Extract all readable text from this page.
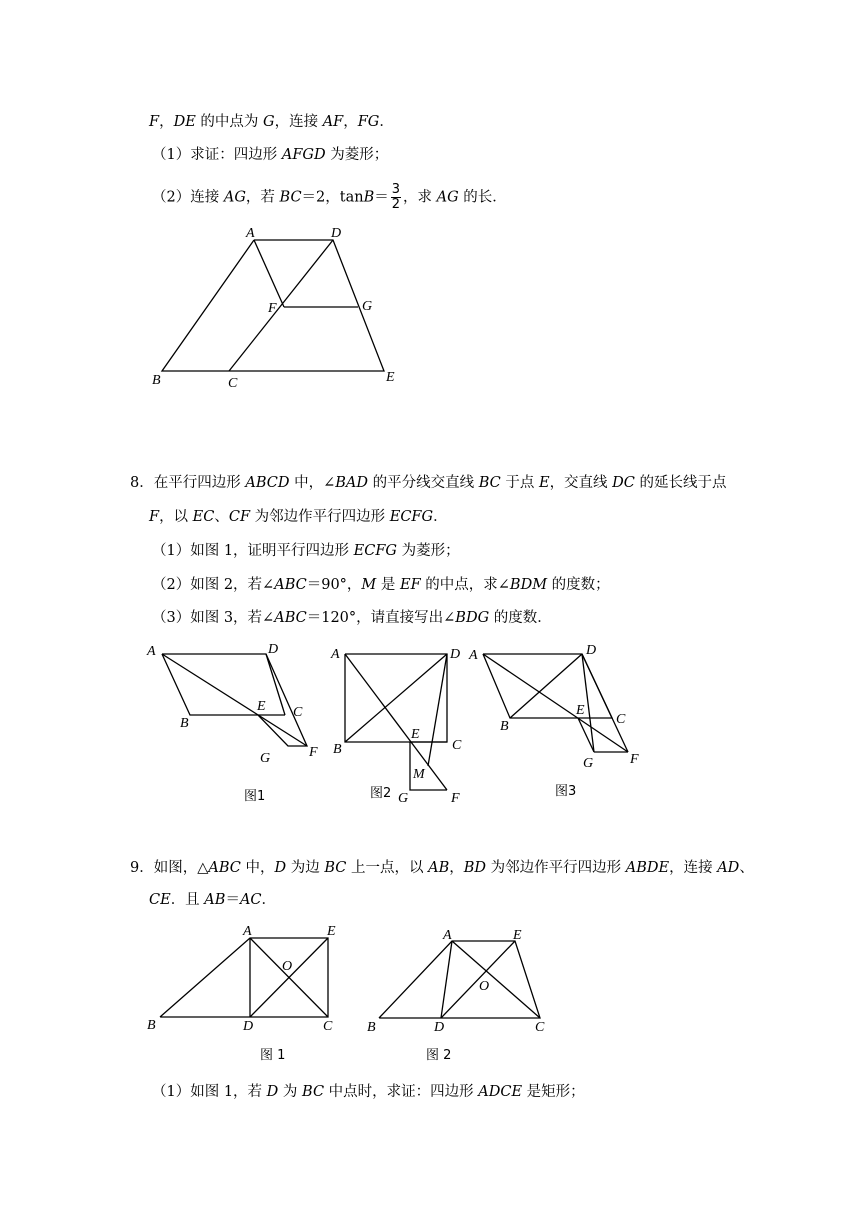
F，DE 的中点为 G，连接 AF，FG．
（1）求证：四边形 AFGD 为菱形；
（2）连接 AG，若 BC＝2，$\tan B= \frac{3}{2}$ ，求 AG 的长．
A	D
F	G
B	C	E
8．在平行四边形 ABCD 中，∠BAD 的平分线交直线 BC 于点 E，交直线 DC 的延长线于点
F，以 EC、CF 为邻边作平行四边形 ECFG．
（1）如图 1，证明平行四边形 ECFG 为菱形；
（2）如图 2，若∠ABC＝90°，M 是 EF 的中点，求∠BDM 的度数；
（3）如图 3，若∠ABC＝120°，请直接写出∠BDG 的度数．
A	D
B
E C
G	F
图1
A	D
B
E
C
M
G	F
图2
A	D
B
E
C
G	F
图3
9．如图，△ABC 中，D 为边 BC 上一点，以 AB，BD 为邻边作平行四边形 ABDE，连接 AD、
CE．且 AB＝AC．
A	E
O
B	D	C
图 1
A	E
O
B	D	C
图 2
（1）如图 1，若 D 为 BC 中点时，求证：四边形 ADCE 是矩形；
